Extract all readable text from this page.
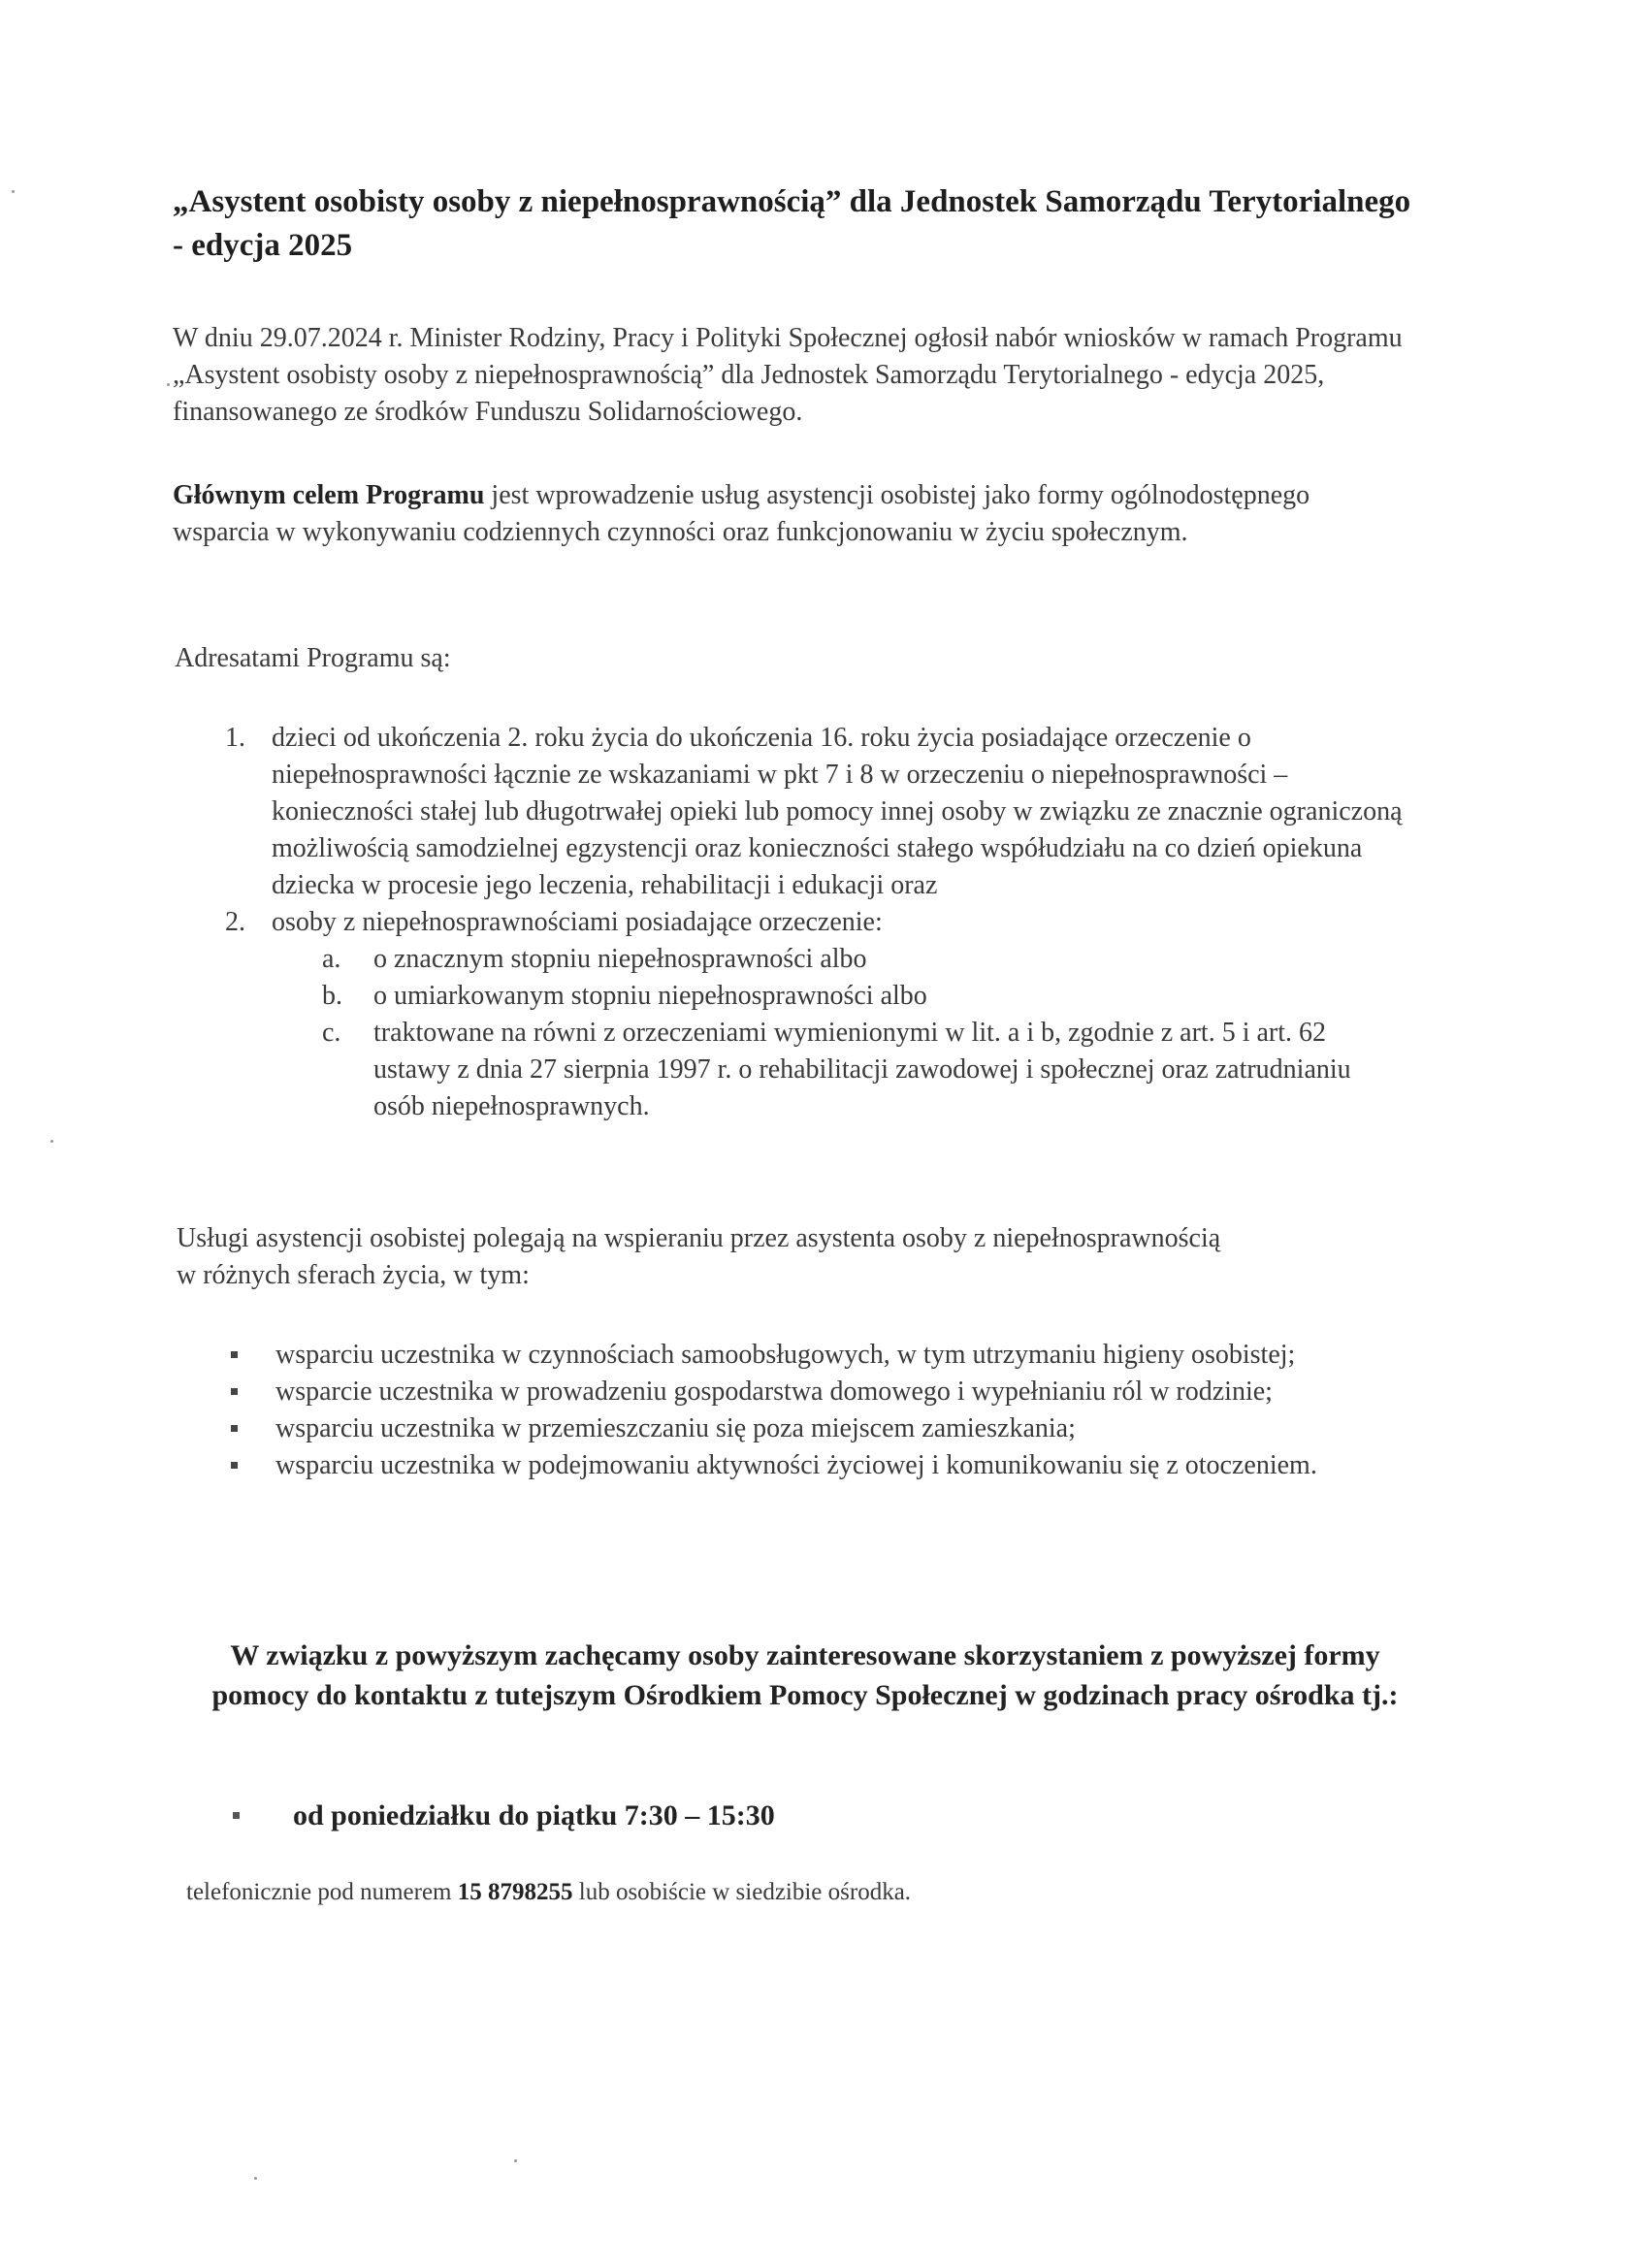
„Asystent osobisty osoby z niepełnosprawnością” dla Jednostek Samorządu Terytorialnego - edycja 2025
W dniu 29.07.2024 r. Minister Rodziny, Pracy i Polityki Społecznej ogłosił nabór wniosków w ramach Programu „Asystent osobisty osoby z niepełnosprawnością” dla Jednostek Samorządu Terytorialnego - edycja 2025, finansowanego ze środków Funduszu Solidarnościowego.
Głównym celem Programu jest wprowadzenie usług asystencji osobistej jako formy ogólnodostępnego wsparcia w wykonywaniu codziennych czynności oraz funkcjonowaniu w życiu społecznym.
Adresatami Programu są:
1. dzieci od ukończenia 2. roku życia do ukończenia 16. roku życia posiadające orzeczenie o niepełnosprawności łącznie ze wskazaniami w pkt 7 i 8 w orzeczeniu o niepełnosprawności – konieczności stałej lub długotrwałej opieki lub pomocy innej osoby w związku ze znacznie ograniczoną możliwością samodzielnej egzystencji oraz konieczności stałego współudziału na co dzień opiekuna dziecka w procesie jego leczenia, rehabilitacji i edukacji oraz
2. osoby z niepełnosprawnościami posiadające orzeczenie:
a. o znacznym stopniu niepełnosprawności albo
b. o umiarkowanym stopniu niepełnosprawności albo
c. traktowane na równi z orzeczeniami wymienionymi w lit. a i b, zgodnie z art. 5 i art. 62 ustawy z dnia 27 sierpnia 1997 r. o rehabilitacji zawodowej i społecznej oraz zatrudnianiu osób niepełnosprawnych.
Usługi asystencji osobistej polegają na wspieraniu przez asystenta osoby z niepełnosprawnością w różnych sferach życia, w tym:
wsparciu uczestnika w czynnościach samoobsługowych, w tym utrzymaniu higieny osobistej;
wsparcie uczestnika w prowadzeniu gospodarstwa domowego i wypełnianiu ról w rodzinie;
wsparciu uczestnika w przemieszczaniu się poza miejscem zamieszkania;
wsparciu uczestnika w podejmowaniu aktywności życiowej i komunikowaniu się z otoczeniem.
W związku z powyższym zachęcamy osoby zainteresowane skorzystaniem z powyższej formy pomocy do kontaktu z tutejszym Ośrodkiem Pomocy Społecznej w godzinach pracy ośrodka tj.:
od poniedziałku do piątku 7:30 – 15:30
telefonicznie pod numerem 15 8798255 lub osobiście w siedzibie ośrodka.
